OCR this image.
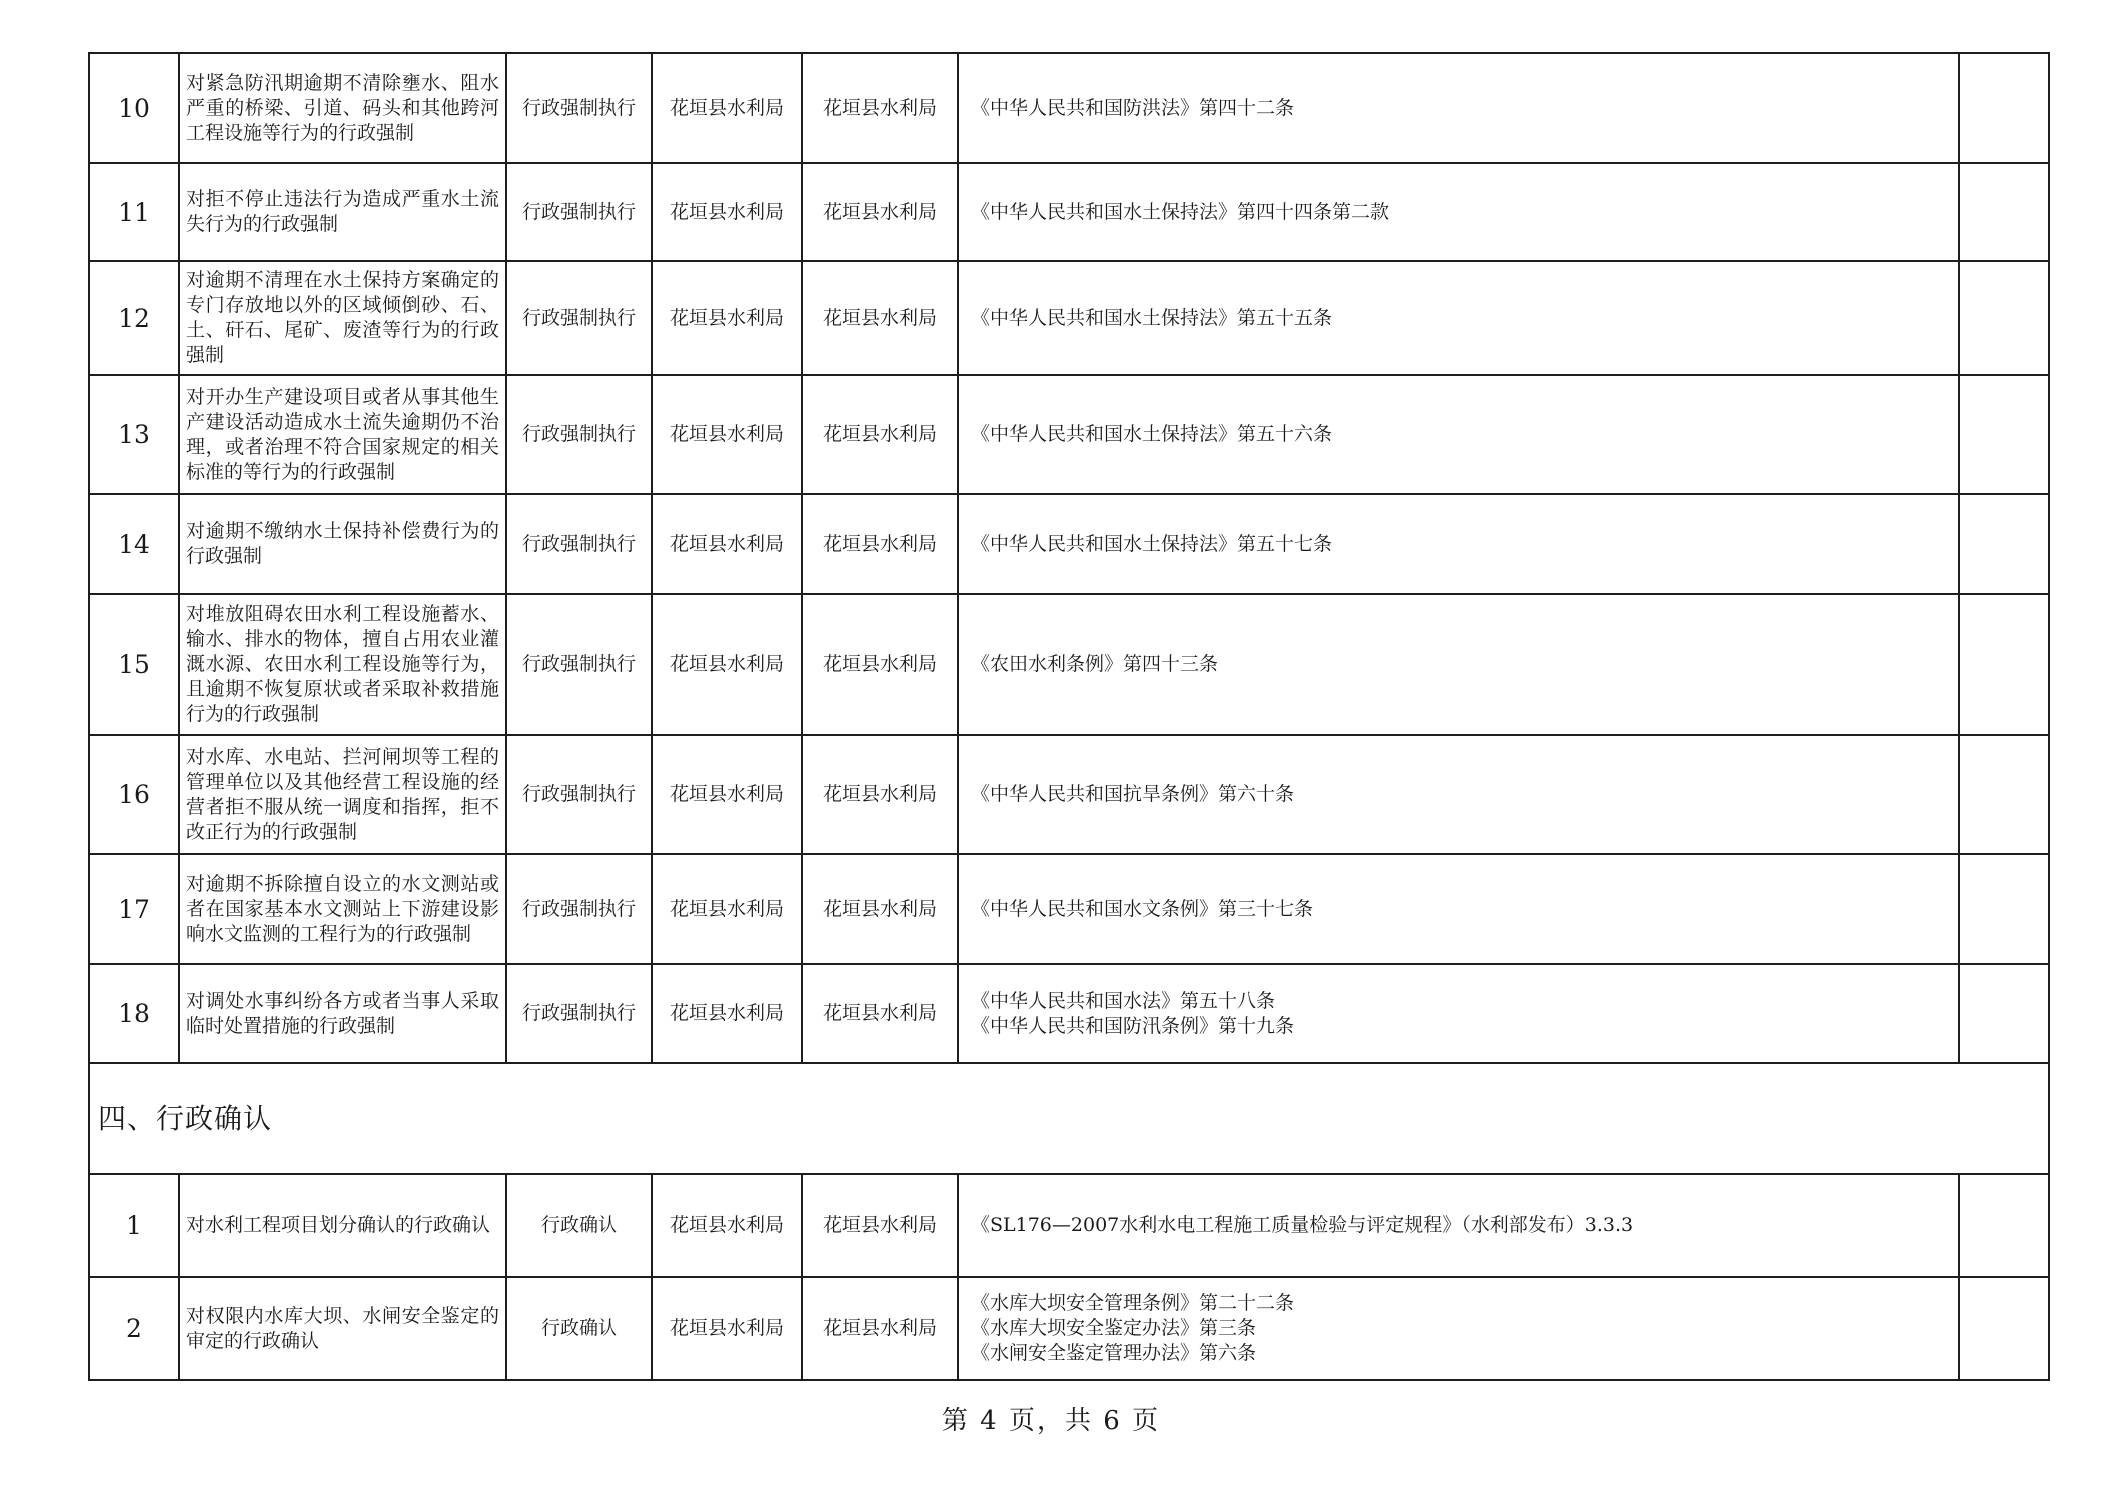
10	对紧急防汛期逾期不清除壅水、阻水严重的桥梁、引道、码头和其他跨河工程设施等行为的行政强制	行政强制执行	花垣县水利局	花垣县水利局	《中华人民共和国防洪法》第四十二条	

11	对拒不停止违法行为造成严重水土流失行为的行政强制	行政强制执行	花垣县水利局	花垣县水利局	《中华人民共和国水土保持法》第四十四条第二款	

12	对逾期不清理在水土保持方案确定的专门存放地以外的区域倾倒砂、石、土、矸石、尾矿、废渣等行为的行政强制	行政强制执行	花垣县水利局	花垣县水利局	《中华人民共和国水土保持法》第五十五条	

13	对开办生产建设项目或者从事其他生产建设活动造成水土流失逾期仍不治理，或者治理不符合国家规定的相关标准的等行为的行政强制	行政强制执行	花垣县水利局	花垣县水利局	《中华人民共和国水土保持法》第五十六条	

14	对逾期不缴纳水土保持补偿费行为的行政强制	行政强制执行	花垣县水利局	花垣县水利局	《中华人民共和国水土保持法》第五十七条	

15	对堆放阻碍农田水利工程设施蓄水、输水、排水的物体，擅自占用农业灌溉水源、农田水利工程设施等行为，且逾期不恢复原状或者采取补救措施行为的行政强制	行政强制执行	花垣县水利局	花垣县水利局	《农田水利条例》第四十三条	

16	对水库、水电站、拦河闸坝等工程的管理单位以及其他经营工程设施的经营者拒不服从统一调度和指挥，拒不改正行为的行政强制	行政强制执行	花垣县水利局	花垣县水利局	《中华人民共和国抗旱条例》第六十条	

17	对逾期不拆除擅自设立的水文测站或者在国家基本水文测站上下游建设影响水文监测的工程行为的行政强制	行政强制执行	花垣县水利局	花垣县水利局	《中华人民共和国水文条例》第三十七条	

18	对调处水事纠纷各方或者当事人采取临时处置措施的行政强制	行政强制执行	花垣县水利局	花垣县水利局	《中华人民共和国水法》第五十八条
《中华人民共和国防汛条例》第十九条	

四、行政确认						
1	对水利工程项目划分确认的行政确认	行政确认	花垣县水利局	花垣县水利局	《SL176—2007水利水电工程施工质量检验与评定规程》（水利部发布）3.3.3	

2	对权限内水库大坝、水闸安全鉴定的审定的行政确认	行政确认	花垣县水利局	花垣县水利局	《水库大坝安全管理条例》第二十二条
《水库大坝安全鉴定办法》第三条
《水闸安全鉴定管理办法》第六条	

第 4 页，共 6 页
